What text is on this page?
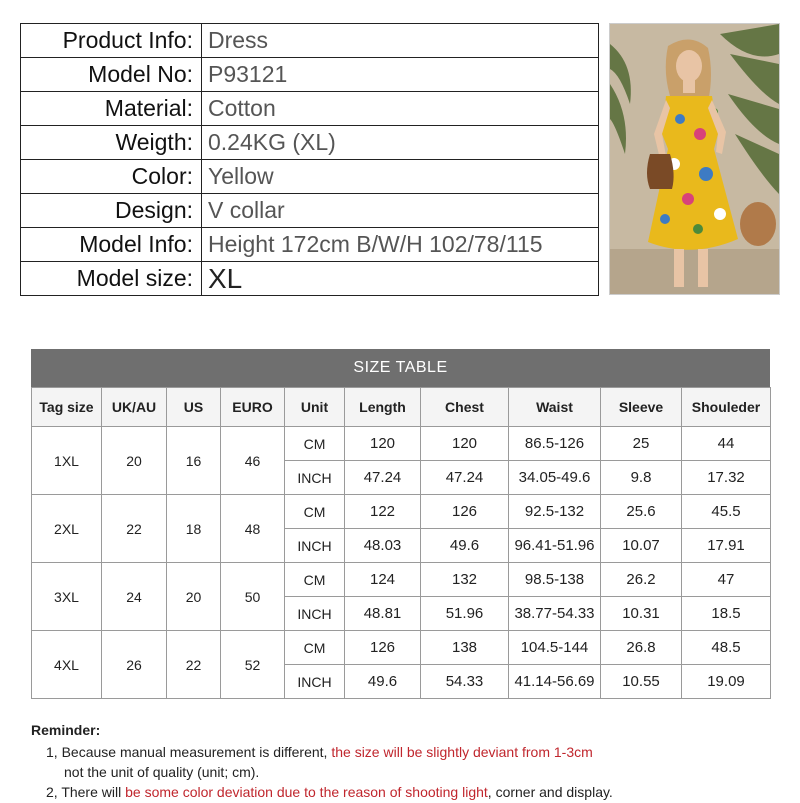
Product Info:	Dress
Model No:	P93121
Material:	Cotton
Weigth:	0.24KG (XL)
Color:	Yellow
Design:	V collar
Model Info:	Height 172cm B/W/H 102/78/115
Model size:	XL
SIZE TABLE
Tag size	UK/AU	US	EURO	Unit	Length	Chest	Waist	Sleeve	Shouleder
1XL	20	16	46	CM	120	120	86.5-126	25	44
				INCH	47.24	47.24	34.05-49.6	9.8	17.32
2XL	22	18	48	CM	122	126	92.5-132	25.6	45.5
				INCH	48.03	49.6	96.41-51.96	10.07	17.91
3XL	24	20	50	CM	124	132	98.5-138	26.2	47
				INCH	48.81	51.96	38.77-54.33	10.31	18.5
4XL	26	22	52	CM	126	138	104.5-144	26.8	48.5
				INCH	49.6	54.33	41.14-56.69	10.55	19.09
Reminder:
1, Because manual measurement is different, the size will be slightly deviant from 1-3cm
not the unit of quality (unit; cm).
2, There will be some color deviation due to the reason of shooting light, corner and display.
